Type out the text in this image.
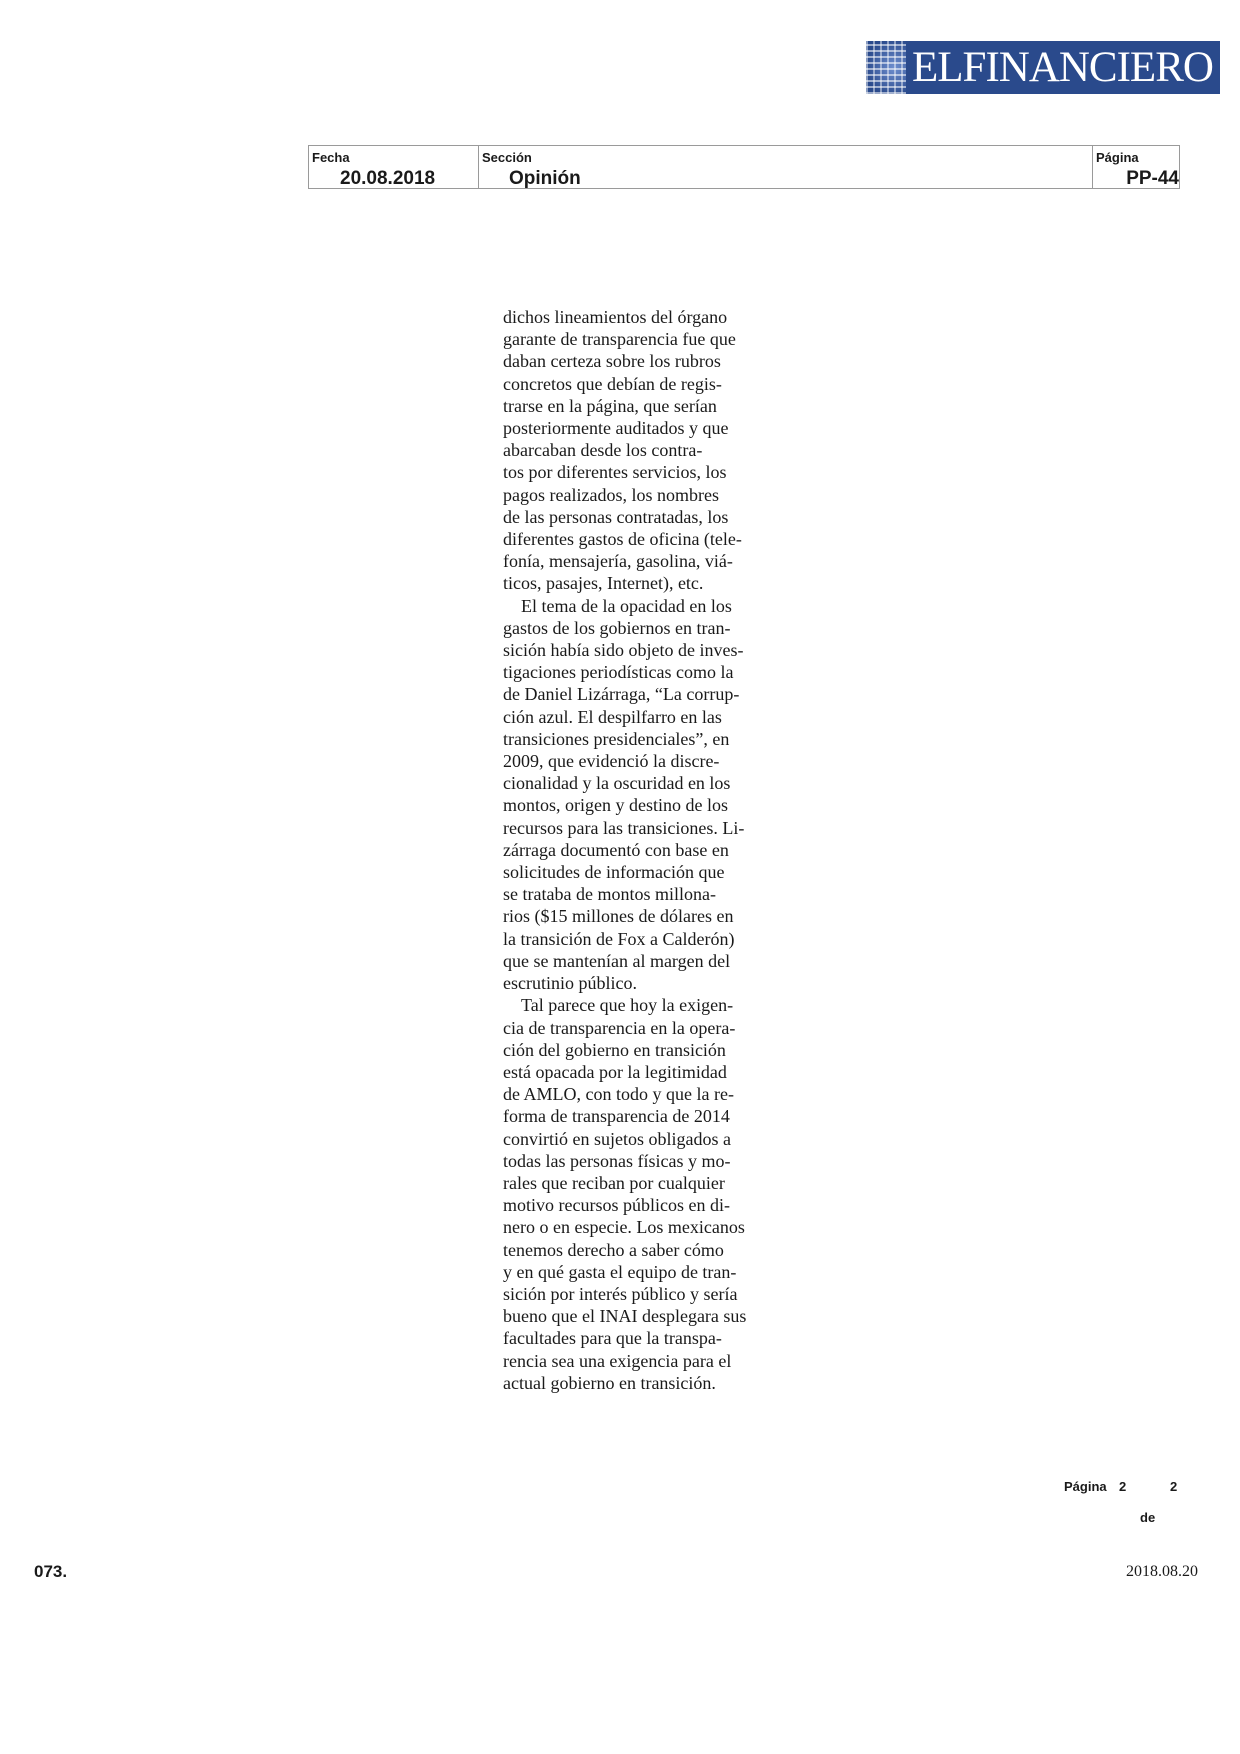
ELFINANCIERO
Fecha
20.08.2018
Sección
Opinión
Página
PP-44
dichos lineamientos del órgano
garante de transparencia fue que
daban certeza sobre los rubros
concretos que debían de regis-
trarse en la página, que serían
posteriormente auditados y que
abarcaban desde los contra-
tos por diferentes servicios, los
pagos realizados, los nombres
de las personas contratadas, los
diferentes gastos de oficina (tele-
fonía, mensajería, gasolina, viá-
ticos, pasajes, Internet), etc.
El tema de la opacidad en los
gastos de los gobiernos en tran-
sición había sido objeto de inves-
tigaciones periodísticas como la
de Daniel Lizárraga, “La corrup-
ción azul. El despilfarro en las
transiciones presidenciales”, en
2009, que evidenció la discre-
cionalidad y la oscuridad en los
montos, origen y destino de los
recursos para las transiciones. Li-
zárraga documentó con base en
solicitudes de información que
se trataba de montos millona-
rios ($15 millones de dólares en
la transición de Fox a Calderón)
que se mantenían al margen del
escrutinio público.
Tal parece que hoy la exigen-
cia de transparencia en la opera-
ción del gobierno en transición
está opacada por la legitimidad
de AMLO, con todo y que la re-
forma de transparencia de 2014
convirtió en sujetos obligados a
todas las personas físicas y mo-
rales que reciban por cualquier
motivo recursos públicos en di-
nero o en especie. Los mexicanos
tenemos derecho a saber cómo
y en qué gasta el equipo de tran-
sición por interés público y sería
bueno que el INAI desplegara sus
facultades para que la transpa-
rencia sea una exigencia para el
actual gobierno en transición.
Página 2	2
de
073.	2018.08.20
